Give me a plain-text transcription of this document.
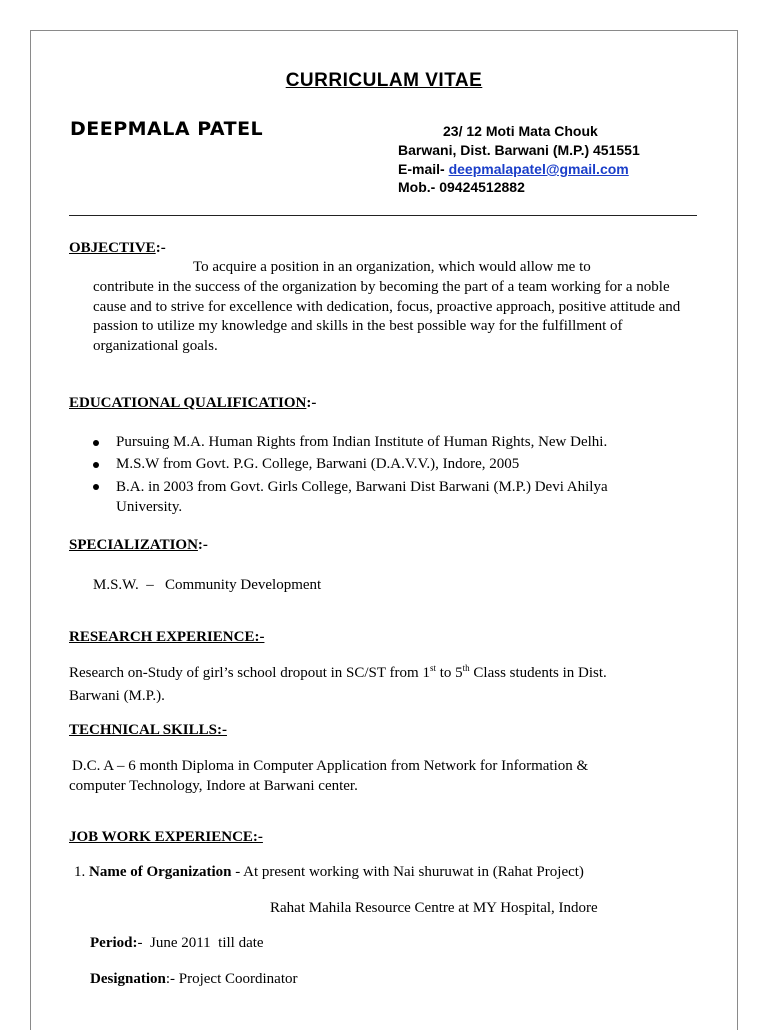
CURRICULAM VITAE
DEEPMALA PATEL	23/ 12 Moti Mata Chouk
Barwani, Dist. Barwani (M.P.) 451551
E-mail- deepmalapatel@gmail.com
Mob.- 09424512882
OBJECTIVE:-
To acquire a position in an organization, which would allow me to
contribute in the success of the organization by becoming the part of a team working for a noble cause and to strive for excellence with dedication, focus, proactive approach, positive attitude and passion to utilize my knowledge and skills in the best possible way for the fulfillment of organizational goals.
EDUCATIONAL QUALIFICATION:-
Pursuing M.A. Human Rights from Indian Institute of Human Rights, New Delhi.
M.S.W from Govt. P.G. College, Barwani (D.A.V.V.), Indore, 2005
B.A. in 2003 from Govt. Girls College, Barwani Dist Barwani (M.P.) Devi Ahilya University.
SPECIALIZATION:-
M.S.W.  –   Community Development
RESEARCH EXPERIENCE:-
Research on-Study of girl’s school dropout in SC/ST from 1st to 5th Class students in Dist.
Barwani (M.P.).
TECHNICAL SKILLS:-
D.C. A – 6 month Diploma in Computer Application from Network for Information &
computer Technology, Indore at Barwani center.
JOB WORK EXPERIENCE:-
1. Name of Organization - At present working with Nai shuruwat in (Rahat Project)
Rahat Mahila Resource Centre at MY Hospital, Indore
Period:-  June 2011  till date
Designation:- Project Coordinator
